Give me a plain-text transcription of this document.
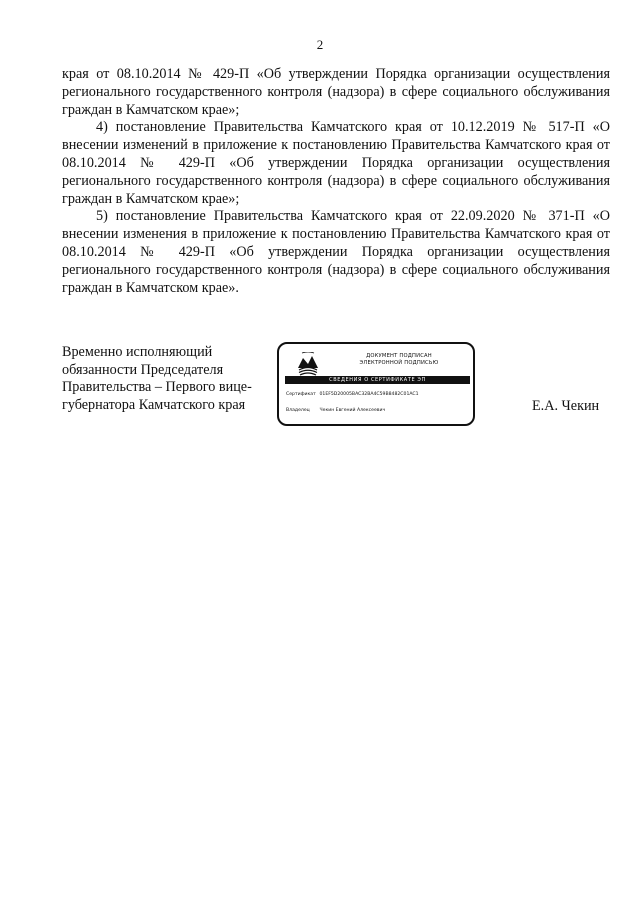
2

края от 08.10.2014 № 429-П «Об утверждении Порядка организации осуществления регионального государственного контроля (надзора) в сфере социального обслуживания граждан в Камчатском крае»;

4) постановление Правительства Камчатского края от 10.12.2019 № 517-П «О внесении изменений в приложение к постановлению Правительства Камчатского края от 08.10.2014 № 429-П «Об утверждении Порядка организации осуществления регионального государственного контроля (надзора) в сфере социального обслуживания граждан в Камчатском крае»;

5) постановление Правительства Камчатского края от 22.09.2020 № 371-П «О внесении изменения в приложение к постановлению Правительства Камчатского края от 08.10.2014 № 429-П «Об утверждении Порядка организации осуществления регионального государственного контроля (надзора) в сфере социального обслуживания граждан в Камчатском крае».

Временно исполняющий
обязанности Председателя
Правительства – Первого вице-
губернатора Камчатского края
ДОКУМЕНТ ПОДПИСАН
ЭЛЕКТРОННОЙ ПОДПИСЬЮ
СВЕДЕНИЯ О СЕРТИФИКАТЕ ЭП
Сертификат 01EF5D20005BAC32BA4C59B8482C01AC1
Владелец Чекин Евгений Алексеевич	Е.А. Чекин
